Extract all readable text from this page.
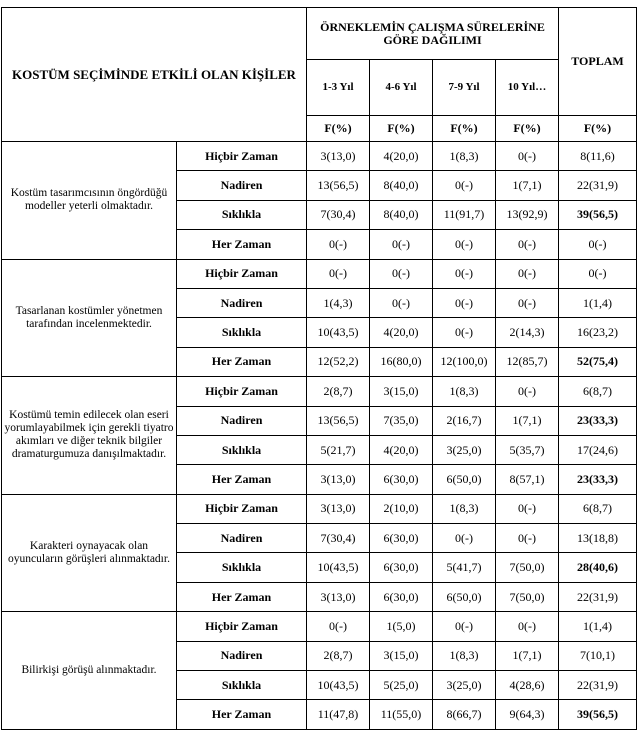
KOSTÜM SEÇİMİNDE ETKİLİ OLAN KİŞİLER		ÖRNEKLEMİN ÇALIŞMA SÜRELERİNE GÖRE DAĞILIMI				TOPLAM
		1-3 Yıl	4-6 Yıl	7-9 Yıl	10 Yıl…	
		F(%)	F(%)	F(%)	F(%)	F(%)
Kostüm tasarımcısının öngördüğü modeller yeterli olmaktadır.	Hiçbir Zaman	3(13,0)	4(20,0)	1(8,3)	0(-)	8(11,6)
	Nadiren	13(56,5)	8(40,0)	0(-)	1(7,1)	22(31,9)
	Sıklıkla	7(30,4)	8(40,0)	11(91,7)	13(92,9)	39(56,5)
	Her Zaman	0(-)	0(-)	0(-)	0(-)	0(-)
Tasarlanan kostümler yönetmen tarafından incelenmektedir.	Hiçbir Zaman	0(-)	0(-)	0(-)	0(-)	0(-)
	Nadiren	1(4,3)	0(-)	0(-)	0(-)	1(1,4)
	Sıklıkla	10(43,5)	4(20,0)	0(-)	2(14,3)	16(23,2)
	Her Zaman	12(52,2)	16(80,0)	12(100,0)	12(85,7)	52(75,4)
Kostümü temin edilecek olan eseri yorumlayabilmek için gerekli tiyatro akımları ve diğer teknik bilgiler dramaturgumuza danışılmaktadır.	Hiçbir Zaman	2(8,7)	3(15,0)	1(8,3)	0(-)	6(8,7)
	Nadiren	13(56,5)	7(35,0)	2(16,7)	1(7,1)	23(33,3)
	Sıklıkla	5(21,7)	4(20,0)	3(25,0)	5(35,7)	17(24,6)
	Her Zaman	3(13,0)	6(30,0)	6(50,0)	8(57,1)	23(33,3)
Karakteri oynayacak olan oyuncuların görüşleri alınmaktadır.	Hiçbir Zaman	3(13,0)	2(10,0)	1(8,3)	0(-)	6(8,7)
	Nadiren	7(30,4)	6(30,0)	0(-)	0(-)	13(18,8)
	Sıklıkla	10(43,5)	6(30,0)	5(41,7)	7(50,0)	28(40,6)
	Her Zaman	3(13,0)	6(30,0)	6(50,0)	7(50,0)	22(31,9)
Bilirkişi görüşü alınmaktadır.	Hiçbir Zaman	0(-)	1(5,0)	0(-)	0(-)	1(1,4)
	Nadiren	2(8,7)	3(15,0)	1(8,3)	1(7,1)	7(10,1)
	Sıklıkla	10(43,5)	5(25,0)	3(25,0)	4(28,6)	22(31,9)
	Her Zaman	11(47,8)	11(55,0)	8(66,7)	9(64,3)	39(56,5)
